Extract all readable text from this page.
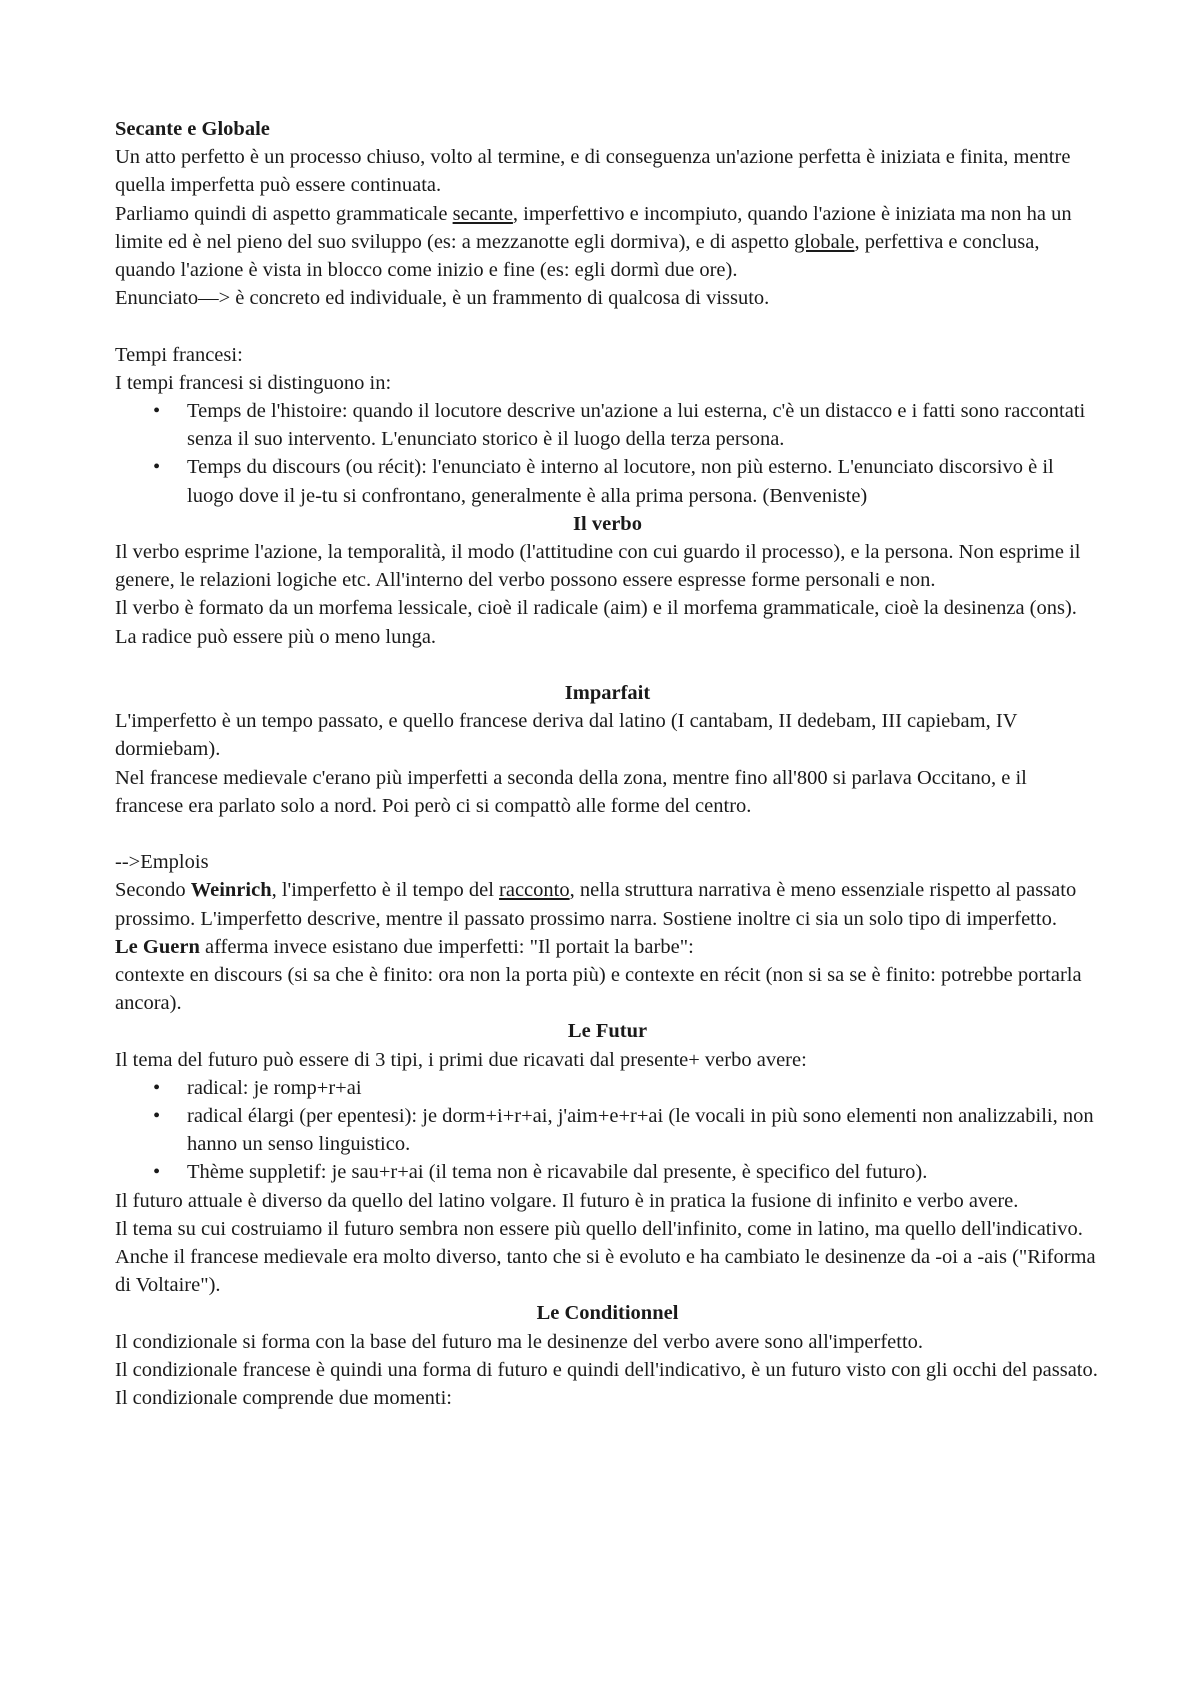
Secante e Globale

Un atto perfetto è un processo chiuso, volto al termine, e di conseguenza un'azione perfetta è iniziata e finita, mentre quella imperfetta può essere continuata.

Parliamo quindi di aspetto grammaticale secante, imperfettivo e incompiuto, quando l'azione è iniziata ma non ha un limite ed è nel pieno del suo sviluppo (es: a mezzanotte egli dormiva), e di aspetto globale, perfettiva e conclusa, quando l'azione è vista in blocco come inizio e fine (es: egli dormì due ore).

Enunciato—> è concreto ed individuale, è un frammento di qualcosa di vissuto.

Tempi francesi:

I tempi francesi si distinguono in:

• Temps de l'histoire: quando il locutore descrive un'azione a lui esterna, c'è un distacco e i fatti sono raccontati senza il suo intervento. L'enunciato storico è il luogo della terza persona.
• Temps du discours (ou récit): l'enunciato è interno al locutore, non più esterno. L'enunciato discorsivo è il luogo dove il je-tu si confrontano, generalmente è alla prima persona. (Benveniste)

Il verbo

Il verbo esprime l'azione, la temporalità, il modo (l'attitudine con cui guardo il processo), e la persona. Non esprime il genere, le relazioni logiche etc. All'interno del verbo possono essere espresse forme personali e non.

Il verbo è formato da un morfema lessicale, cioè il radicale (aim) e il morfema grammaticale, cioè la desinenza (ons). La radice può essere più o meno lunga.

Imparfait

L'imperfetto è un tempo passato, e quello francese deriva dal latino (I cantabam, II dedebam, III capiebam, IV dormiebam).

Nel francese medievale c'erano più imperfetti a seconda della zona, mentre fino all'800 si parlava Occitano, e il francese era parlato solo a nord. Poi però ci si compattò alle forme del centro.

-->Emplois

Secondo Weinrich, l'imperfetto è il tempo del racconto, nella struttura narrativa è meno essenziale rispetto al passato prossimo. L'imperfetto descrive, mentre il passato prossimo narra. Sostiene inoltre ci sia un solo tipo di imperfetto.

Le Guern afferma invece esistano due imperfetti: "Il portait la barbe":

contexte en discours (si sa che è finito: ora non la porta più) e contexte en récit (non si sa se è finito: potrebbe portarla ancora).

Le Futur

Il tema del futuro può essere di 3 tipi, i primi due ricavati dal presente+ verbo avere:

• radical: je romp+r+ai
• radical élargi (per epentesi): je dorm+i+r+ai, j'aim+e+r+ai (le vocali in più sono elementi non analizzabili, non hanno un senso linguistico.
• Thème suppletif: je sau+r+ai (il tema non è ricavabile dal presente, è specifico del futuro).

Il futuro attuale è diverso da quello del latino volgare. Il futuro è in pratica la fusione di infinito e verbo avere.

Il tema su cui costruiamo il futuro sembra non essere più quello dell'infinito, come in latino, ma quello dell'indicativo. Anche il francese medievale era molto diverso, tanto che si è evoluto e ha cambiato le desinenze da -oi a -ais ("Riforma di Voltaire").

Le Conditionnel

Il condizionale si forma con la base del futuro ma le desinenze del verbo avere sono all'imperfetto.

Il condizionale francese è quindi una forma di futuro e quindi dell'indicativo, è un futuro visto con gli occhi del passato. Il condizionale comprende due momenti:
